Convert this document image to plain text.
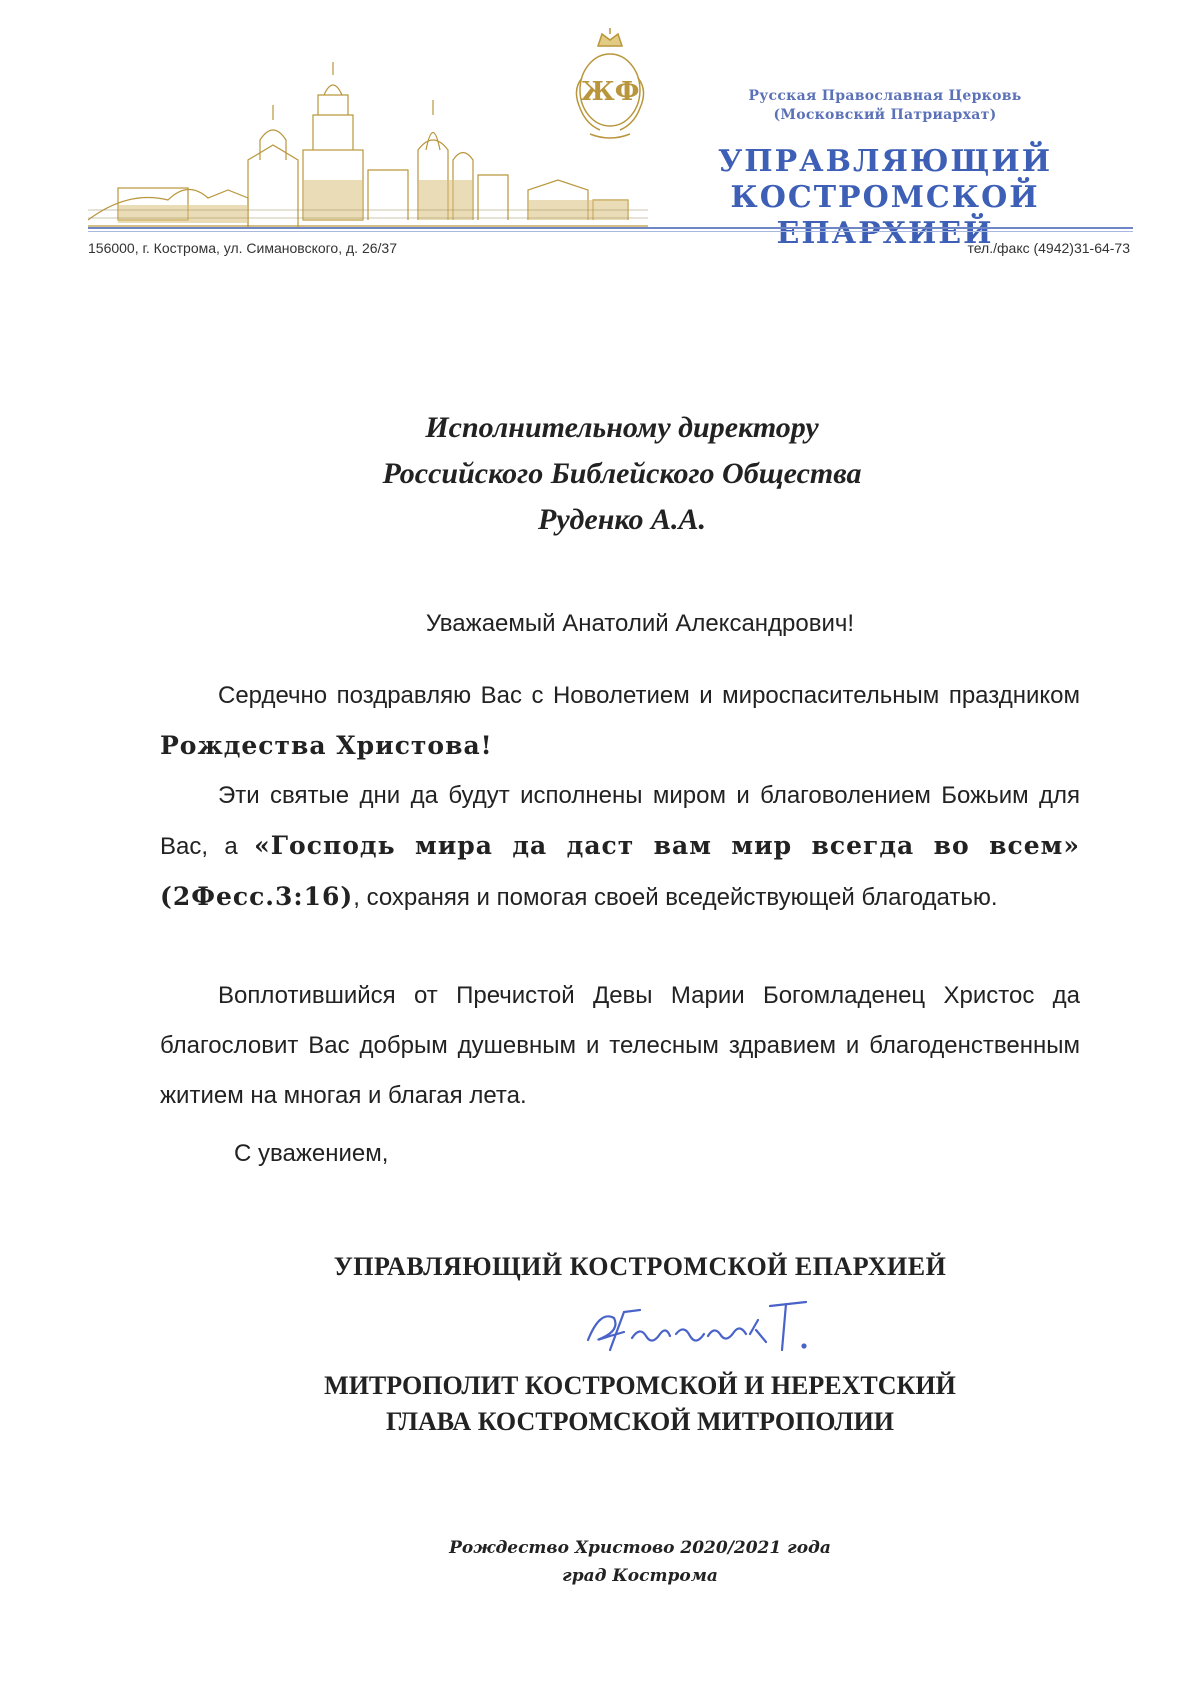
ЖФ	Русская Православная Церковь
(Московский Патриархат)
УПРАВЛЯЮЩИЙ
КОСТРОМСКОЙ ЕПАРХИЕЙ
156000, г. Кострома, ул. Симановского, д. 26/37	тел./факс (4942)31-64-73
Исполнительному директору
Российского Библейского Общества
Руденко А.А.
Уважаемый Анатолий Александрович!
Сердечно поздравляю Вас с Новолетием и мироспасительным праздником Рождества Христова!
Эти святые дни да будут исполнены миром и благоволением Божьим для Вас, а «Господь мира да даст вам мир всегда во всем» (2Фесс.3:16), сохраняя и помогая своей вседействующей благодатью.
Воплотившийся от Пречистой Девы Марии Богомладенец Христос да благословит Вас добрым душевным и телесным здравием и благоденственным житием на многая и благая лета.
С уважением,
УПРАВЛЯЮЩИЙ КОСТРОМСКОЙ ЕПАРХИЕЙ
МИТРОПОЛИТ КОСТРОМСКОЙ И НЕРЕХТСКИЙ
ГЛАВА КОСТРОМСКОЙ МИТРОПОЛИИ
Рождество Христово 2020/2021 года
град Кострома
